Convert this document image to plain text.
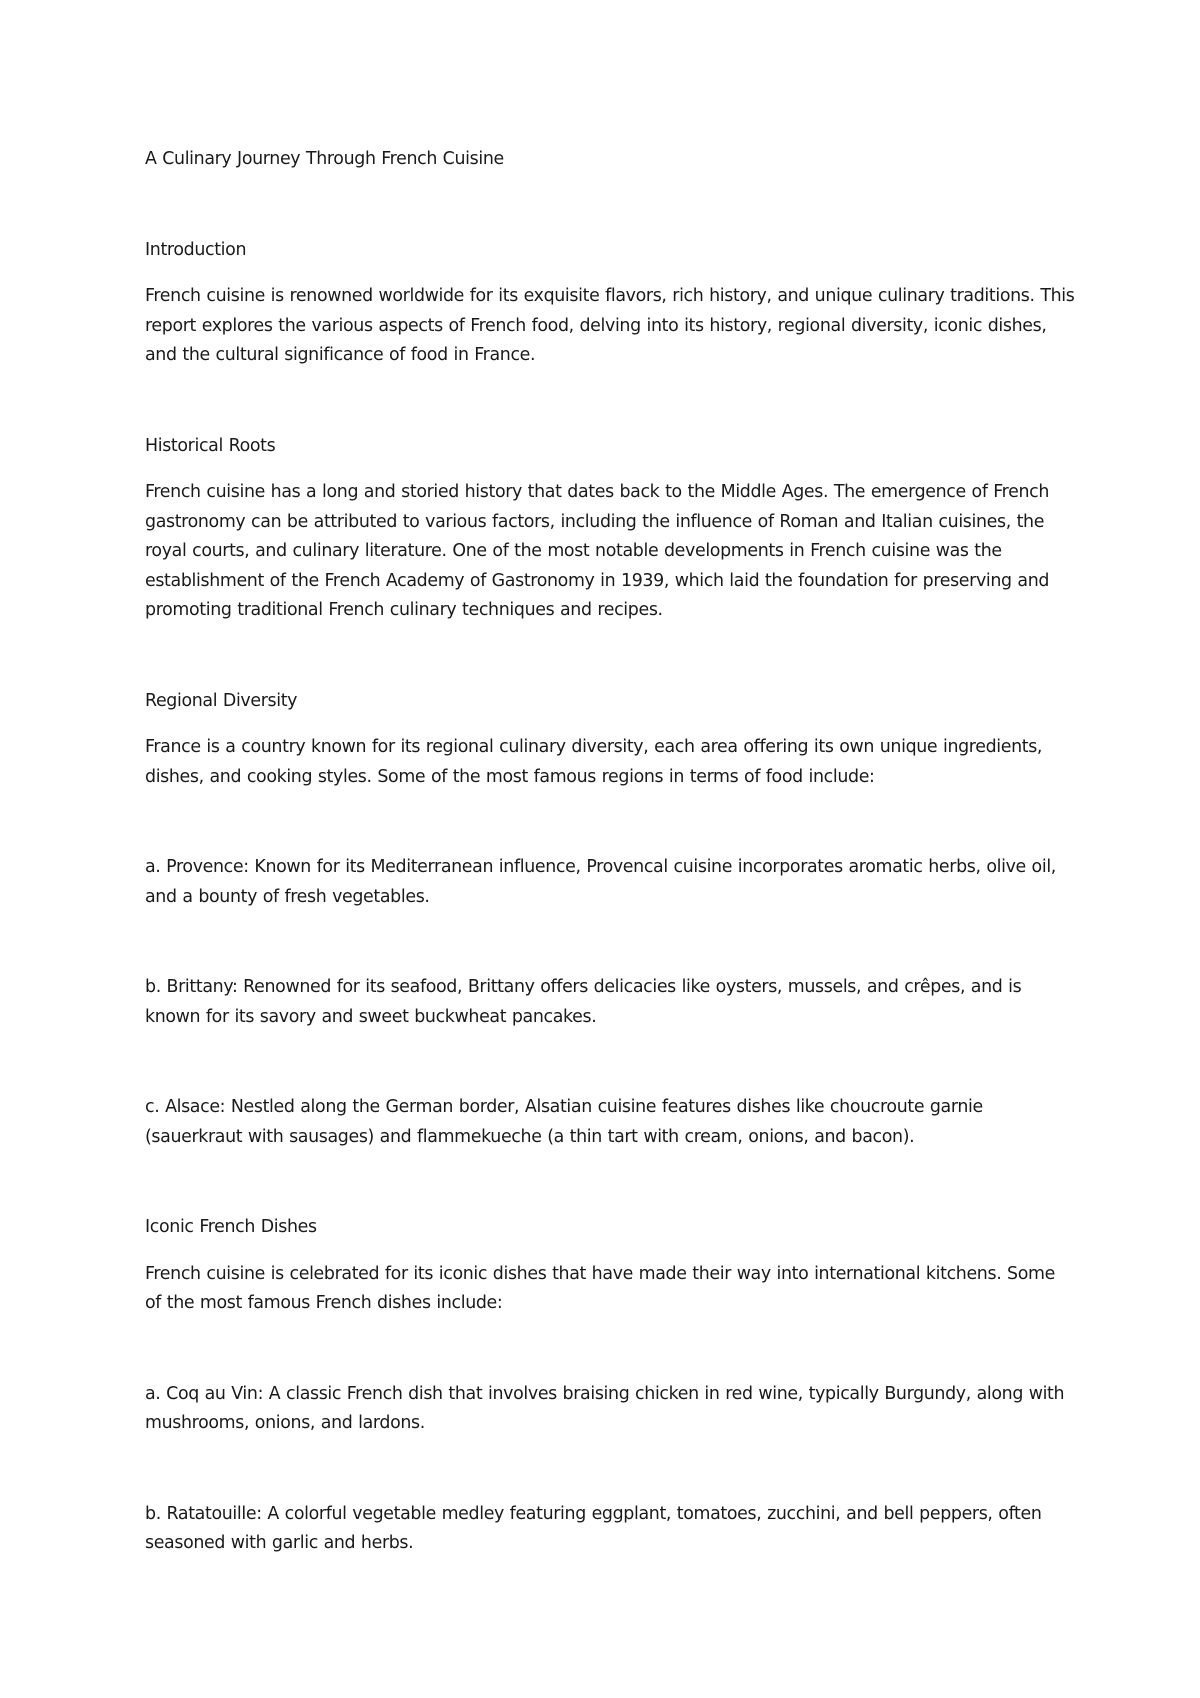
A Culinary Journey Through French Cuisine

Introduction

French cuisine is renowned worldwide for its exquisite flavors, rich history, and unique culinary traditions. This report explores the various aspects of French food, delving into its history, regional diversity, iconic dishes, and the cultural significance of food in France.

Historical Roots

French cuisine has a long and storied history that dates back to the Middle Ages. The emergence of French gastronomy can be attributed to various factors, including the influence of Roman and Italian cuisines, the royal courts, and culinary literature. One of the most notable developments in French cuisine was the establishment of the French Academy of Gastronomy in 1939, which laid the foundation for preserving and promoting traditional French culinary techniques and recipes.

Regional Diversity

France is a country known for its regional culinary diversity, each area offering its own unique ingredients, dishes, and cooking styles. Some of the most famous regions in terms of food include:

a. Provence: Known for its Mediterranean influence, Provencal cuisine incorporates aromatic herbs, olive oil, and a bounty of fresh vegetables.

b. Brittany: Renowned for its seafood, Brittany offers delicacies like oysters, mussels, and crêpes, and is known for its savory and sweet buckwheat pancakes.

c. Alsace: Nestled along the German border, Alsatian cuisine features dishes like choucroute garnie (sauerkraut with sausages) and flammekueche (a thin tart with cream, onions, and bacon).

Iconic French Dishes

French cuisine is celebrated for its iconic dishes that have made their way into international kitchens. Some of the most famous French dishes include:

a. Coq au Vin: A classic French dish that involves braising chicken in red wine, typically Burgundy, along with mushrooms, onions, and lardons.

b. Ratatouille: A colorful vegetable medley featuring eggplant, tomatoes, zucchini, and bell peppers, often seasoned with garlic and herbs.
